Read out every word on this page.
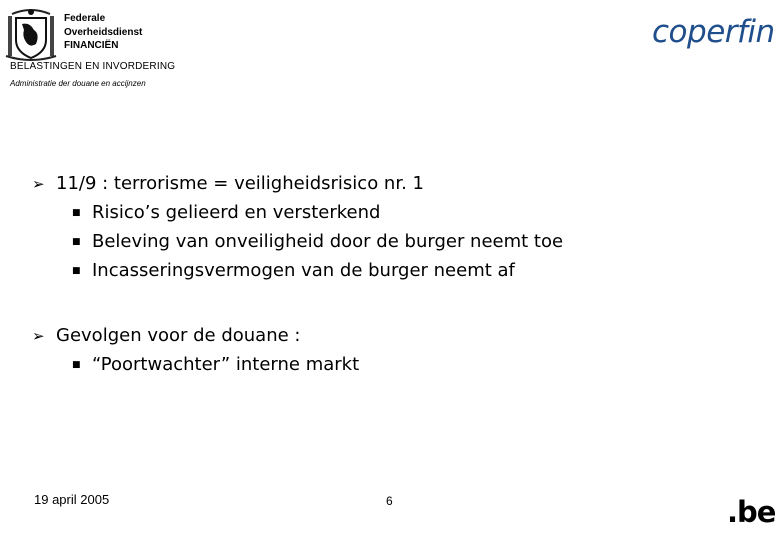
Federale
Overheidsdienst
FINANCIËN
BELASTINGEN EN INVORDERING
Administratie der douane en accijnzen
coperfin
➢ 11/9 : terrorisme = veiligheidsrisico nr. 1
■ Risico’s gelieerd en versterkend
■ Beleving van onveiligheid door de burger neemt toe
■ Incasseringsvermogen van de burger neemt af
➢ Gevolgen voor de douane :
■ “Poortwachter” interne markt
19 april 2005	6	.be
